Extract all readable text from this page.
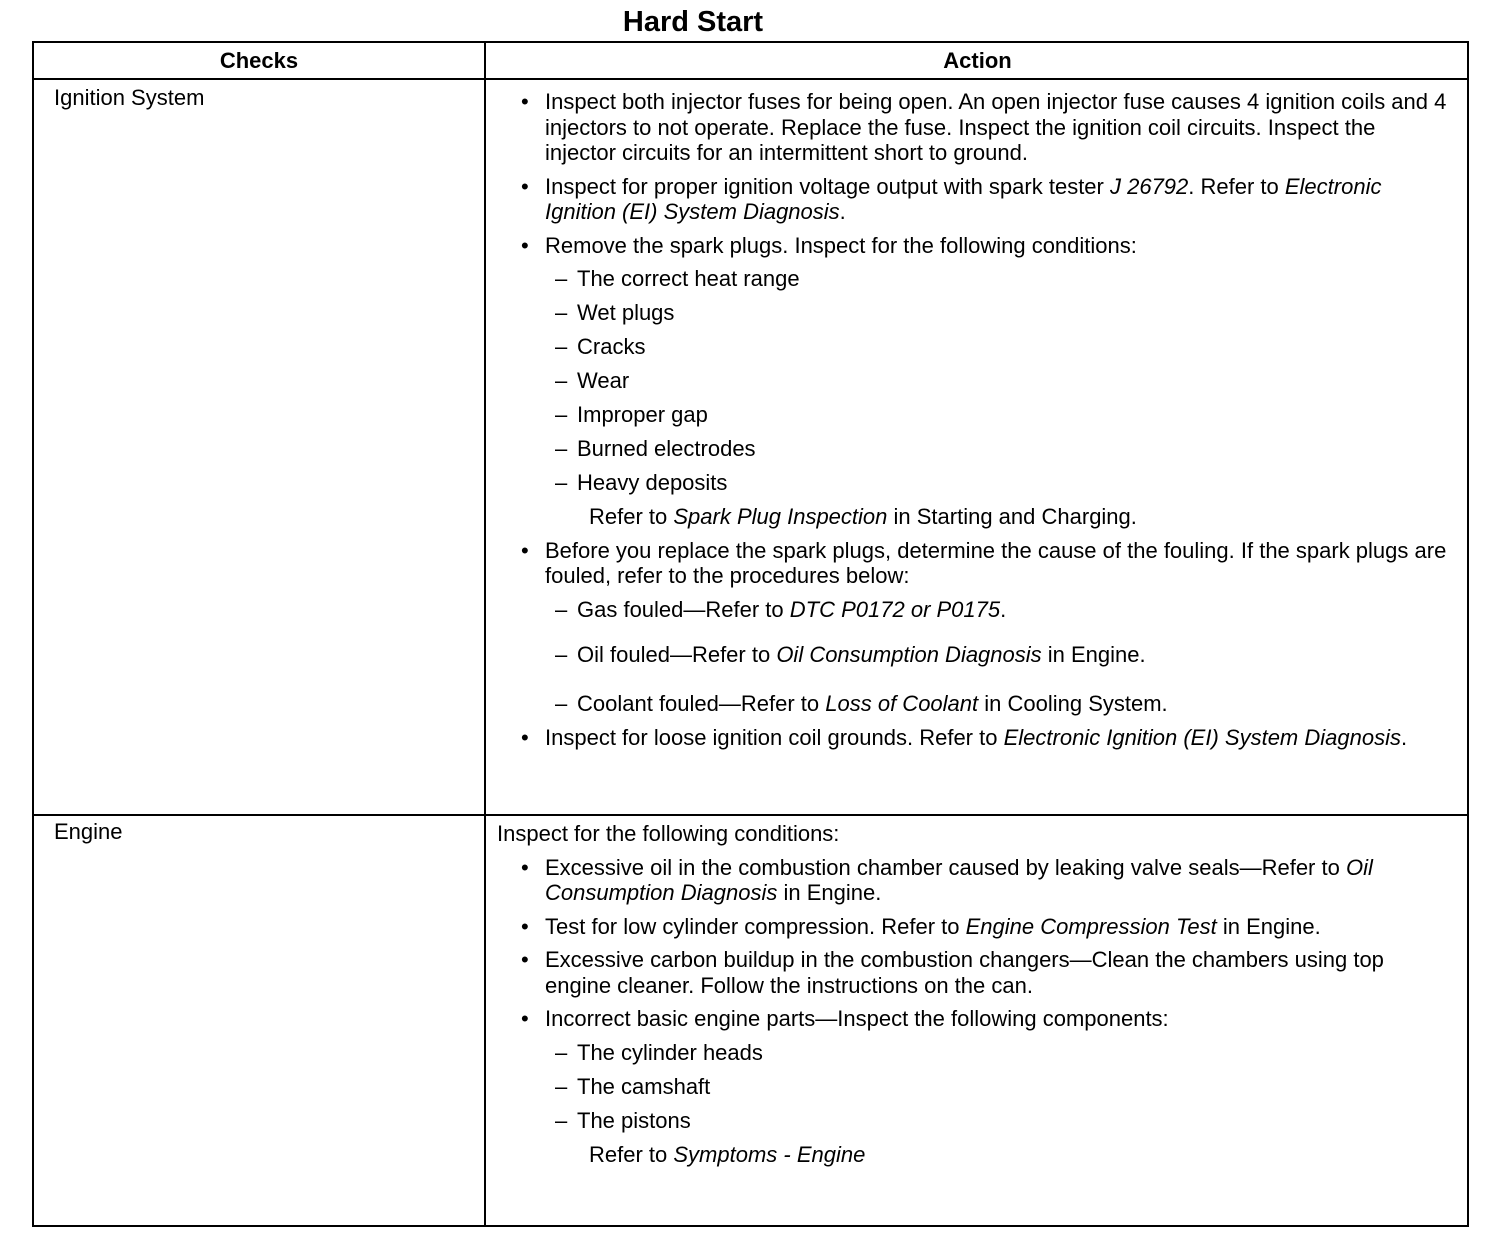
Hard Start
Checks	Action
Ignition System
•	Inspect both injector fuses for being open. An open injector fuse causes 4 ignition coils and 4 injectors to not operate. Replace the fuse. Inspect the ignition coil circuits. Inspect the injector circuits for an intermittent short to ground.
• Inspect for proper ignition voltage output with spark tester J 26792. Refer to Electronic Ignition (EI) System Diagnosis.
• Remove the spark plugs. Inspect for the following conditions:
– The correct heat range
– Wet plugs
– Cracks
– Wear
– Improper gap
– Burned electrodes
– Heavy deposits
Refer to Spark Plug Inspection in Starting and Charging.
• Before you replace the spark plugs, determine the cause of the fouling. If the spark plugs are fouled, refer to the procedures below:
– Gas fouled—Refer to DTC P0172 or P0175.
– Oil fouled—Refer to Oil Consumption Diagnosis in Engine.
– Coolant fouled—Refer to Loss of Coolant in Cooling System.
• Inspect for loose ignition coil grounds. Refer to Electronic Ignition (EI) System Diagnosis.
Engine	Inspect for the following conditions:
• Excessive oil in the combustion chamber caused by leaking valve seals—Refer to Oil Consumption Diagnosis in Engine.
• Test for low cylinder compression. Refer to Engine Compression Test in Engine.
• Excessive carbon buildup in the combustion changers—Clean the chambers using top engine cleaner. Follow the instructions on the can.
• Incorrect basic engine parts—Inspect the following components:
– The cylinder heads
– The camshaft
– The pistons
Refer to Symptoms - Engine
